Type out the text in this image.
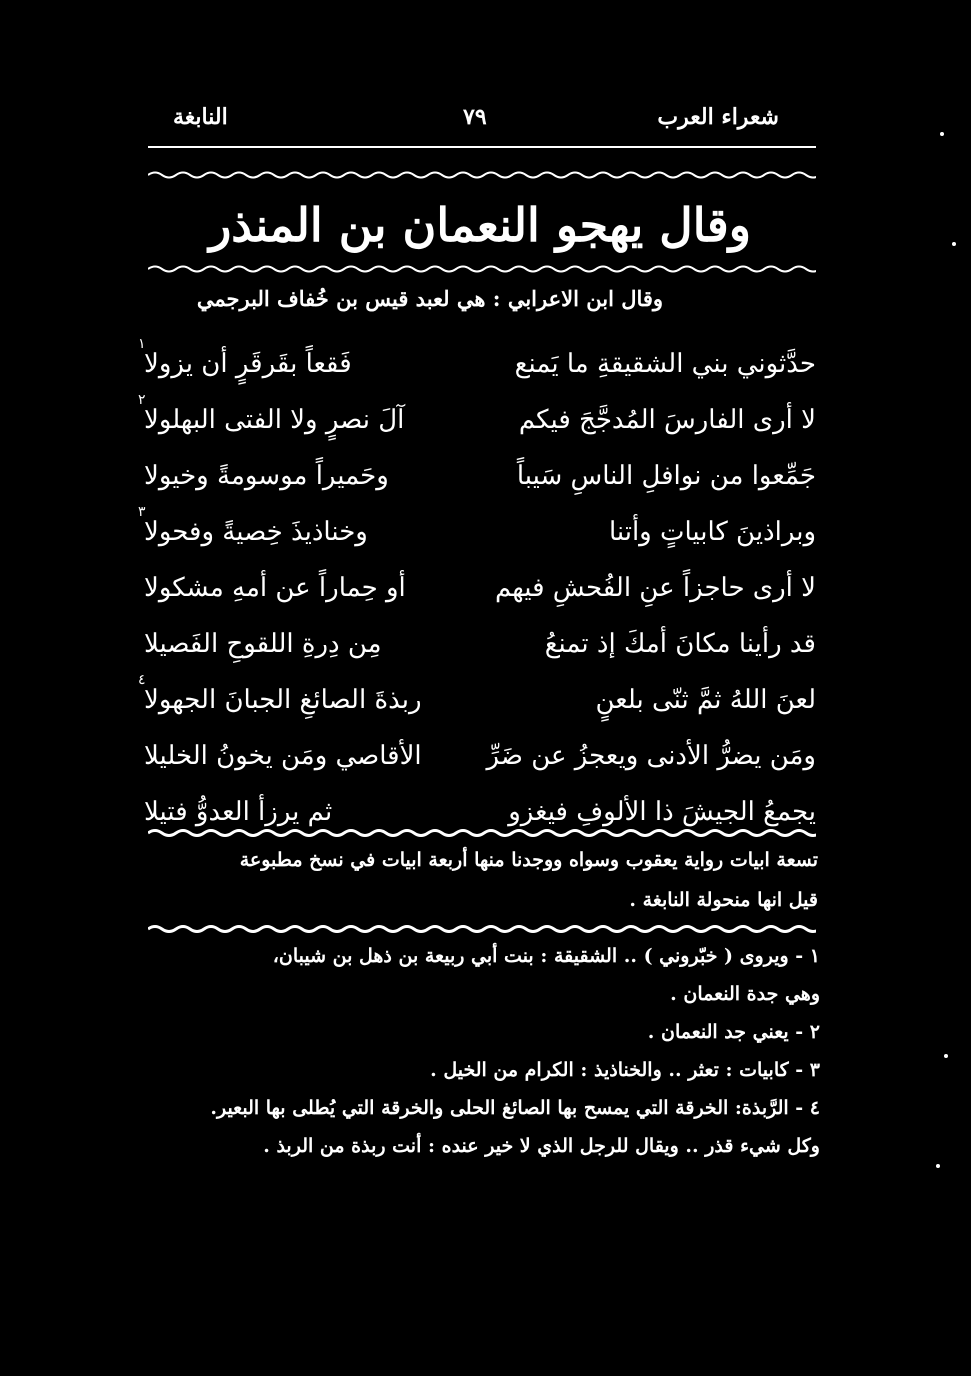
شعراء العرب
٧٩
النابغة
وقال يهجو النعمان بن المنذر
وقال ابن الاعرابي : هي لعبد قيس بن خُفاف البرجمي
حدَّثوني بني الشقيقةِ ما يَمنع
فَقعاً بقَرقَرٍ أن يزولا
١
لا أرى الفارسَ المُدجَّجَ فيكم
آلَ نصرٍ ولا الفتى البهلولا
٢
جَمِّعوا من نوافلِ الناسِ سَيباً
وحَميراً موسومةً وخيولا
وبراذينَ كابياتٍ وأتنا
وخناذيذَ خِصيةً وفحولا
٣
لا أرى حاجزاً عنِ الفُحشِ فيهم
أو حِماراً عن أمهِ مشكولا
قد رأينا مكانَ أمكَ إذ تمنعُ
مِن دِرةِ اللقوحِ الفَصيلا
لعنَ اللهُ ثمَّ ثنّى بلعنٍ
ربذةَ الصائغِ الجبانَ الجهولا
٤
ومَن يضرُّ الأدنى ويعجزُ عن ضَرِّ
الأقاصي ومَن يخونُ الخليلا
يجمعُ الجيشَ ذا الألوفِ فيغزو
ثم يرزأ العدوُّ فتيلا
تسعة ابيات رواية يعقوب وسواه ووجدنا منها أربعة ابيات في نسخ مطبوعة
قيل انها منحولة النابغة .
١ - ويروى ( خبّروني ) .. الشقيقة : بنت أبي ربيعة بن ذهل بن شيبان،
وهي جدة النعمان .
٢ - يعني جد النعمان .
٣ - كابيات : تعثر .. والخناذيذ : الكرام من الخيل .
٤ - الرَّبذة: الخرقة التي يمسح بها الصائغ الحلى والخرقة التي يُطلى بها البعير.
وكل شيء قذر .. ويقال للرجل الذي لا خير عنده : أنت ربذة من الربذ .
